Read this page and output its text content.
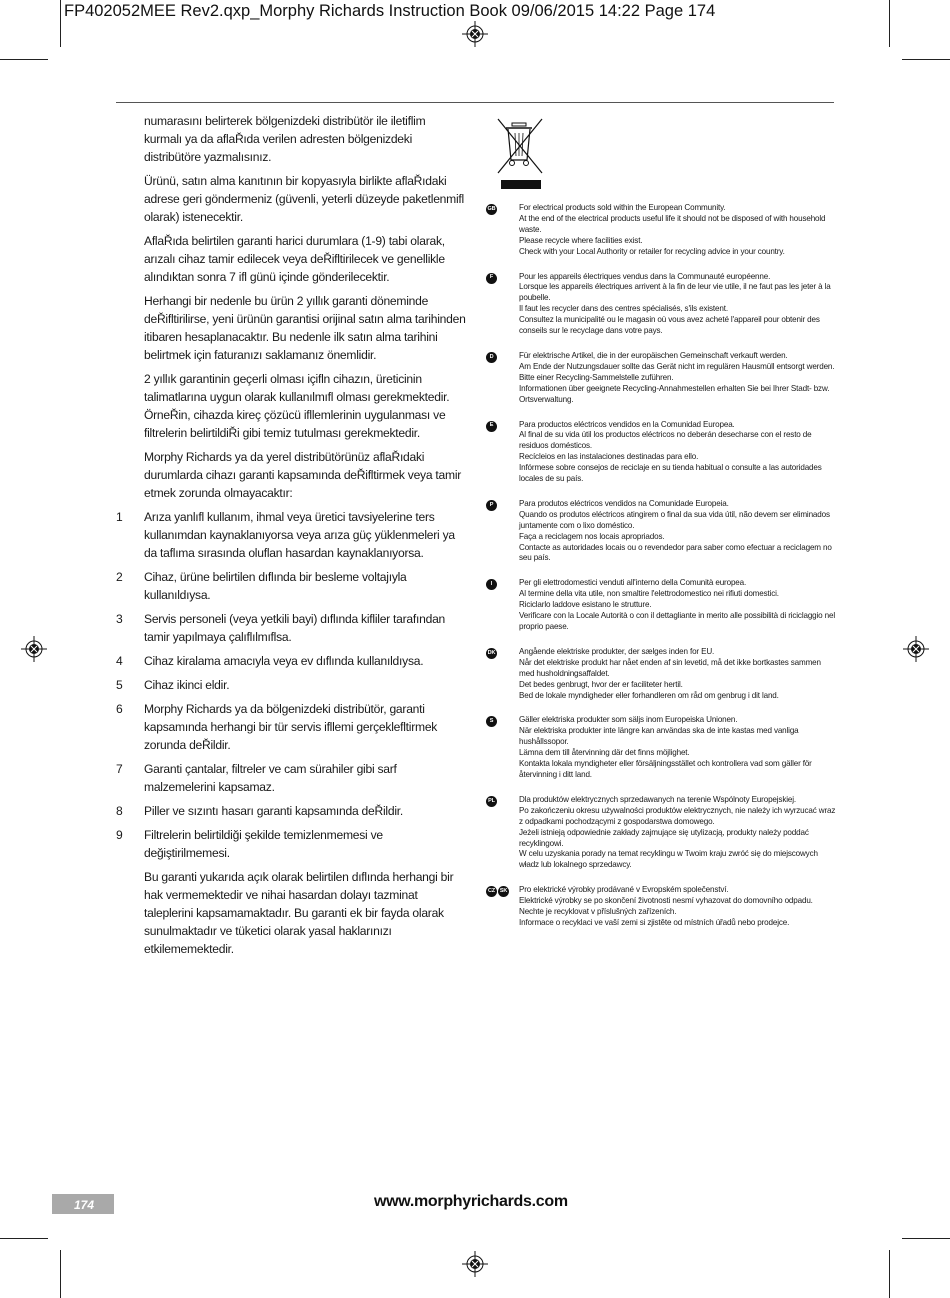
FP402052MEE Rev2.qxp_Morphy Richards Instruction Book 09/06/2015 14:22 Page 174

numarasını belirterek bölgenizdeki distribütör ile iletiflim kurmalı ya da aflaŘıda verilen adresten bölgenizdeki distribütöre yazmalısınız.

Ürünü, satın alma kanıtının bir kopyasıyla birlikte aflaŘıdaki adrese geri göndermeniz (güvenli, yeterli düzeyde paketlenmifl olarak) istenecektir.

AflaŘıda belirtilen garanti harici durumlara (1-9) tabi olarak, arızalı cihaz tamir edilecek veya deŘifltirilecek ve genellikle alındıktan sonra 7 ifl günü içinde gönderilecektir.

Herhangi bir nedenle bu ürün 2 yıllık garanti döneminde deŘifltirilirse, yeni ürünün garantisi orijinal satın alma tarihinden itibaren hesaplanacaktır. Bu nedenle ilk satın alma tarihini belirtmek için faturanızı saklamanız önemlidir.

2 yıllık garantinin geçerli olması içifln cihazın, üreticinin talimatlarına uygun olarak kullanılmıfl olması gerekmektedir. ÖrneŘin, cihazda kireç çözücü ifllemlerinin uygulanması ve filtrelerin belirtildiŘi gibi temiz tutulması gerekmektedir.

Morphy Richards ya da yerel distribütörünüz aflaŘıdaki durumlarda cihazı garanti kapsamında deŘifltirmek veya tamir etmek zorunda olmayacaktır:

1	Arıza yanlıfl kullanım, ihmal veya üretici tavsiyelerine ters kullanımdan kaynaklanıyorsa veya arıza güç yüklenmeleri ya da taflıma sırasında oluflan hasardan kaynaklanıyorsa.
2	Cihaz, ürüne belirtilen dıflında bir besleme voltajıyla kullanıldıysa.
3	Servis personeli (veya yetkili bayi) dıflında kifliler tarafından tamir yapılmaya çalıflılmıflsa.
4	Cihaz kiralama amacıyla veya ev dıflında kullanıldıysa.
5	Cihaz ikinci eldir.
6	Morphy Richards ya da bölgenizdeki distribütör, garanti kapsamında herhangi bir tür servis ifllemi gerçeklefltirmek zorunda deŘildir.
7	Garanti çantalar, filtreler ve cam sürahiler gibi sarf malzemelerini kapsamaz.
8	Piller ve sızıntı hasarı garanti kapsamında deŘildir.
9	Filtrelerin belirtildiği şekilde temizlenmemesi ve değiştirilmemesi.

Bu garanti yukarıda açık olarak belirtilen dıflında herhangi bir hak vermemektedir ve nihai hasardan dolayı tazminat taleplerini kapsamamaktadır. Bu garanti ek bir fayda olarak sunulmaktadır ve tüketici olarak yasal haklarınızı etkilememektedir.

GB	For electrical products sold within the European Community.
At the end of the electrical products useful life it should not be disposed of with household waste.
Please recycle where facilities exist.
Check with your Local Authority or retailer for recycling advice in your country.
F	Pour les appareils électriques vendus dans la Communauté européenne.
Lorsque les appareils électriques arrivent à la fin de leur vie utile, il ne faut pas les jeter à la poubelle.
Il faut les recycler dans des centres spécialisés, s'ils existent.
Consultez la municipalité ou le magasin où vous avez acheté l'appareil pour obtenir des conseils sur le recyclage dans votre pays.
D	Für elektrische Artikel, die in der europäischen Gemeinschaft verkauft werden.
Am Ende der Nutzungsdauer sollte das Gerät nicht im regulären Hausmüll entsorgt werden.
Bitte einer Recycling-Sammelstelle zuführen.
Informationen über geeignete Recycling-Annahmestellen erhalten Sie bei Ihrer Stadt- bzw. Ortsverwaltung.
E	Para productos eléctricos vendidos en la Comunidad Europea.
Al final de su vida útil los productos eléctricos no deberán desecharse con el resto de residuos domésticos.
Recícleios en las instalaciones destinadas para ello.
Infórmese sobre consejos de reciclaje en su tienda habitual o consulte a las autoridades locales de su país.
P	Para produtos eléctricos vendidos na Comunidade Europeia.
Quando os produtos eléctricos atingirem o final da sua vida útil, não devem ser eliminados juntamente com o lixo doméstico.
Faça a reciclagem nos locais apropriados.
Contacte as autoridades locais ou o revendedor para saber como efectuar a reciclagem no seu país.
I	Per gli elettrodomestici venduti all'interno della Comunità europea.
Al termine della vita utile, non smaltire l'elettrodomestico nei rifiuti domestici.
Riciclarlo laddove esistano le strutture.
Verificare con la Locale Autorità o con il dettagliante in merito alle possibilità di riciclaggio nel proprio paese.
DK	Angående elektriske produkter, der sælges inden for EU.
Når det elektriske produkt har nået enden af sin levetid, må det ikke bortkastes sammen med husholdningsaffaldet.
Det bedes genbrugt, hvor der er faciliteter hertil.
Bed de lokale myndigheder eller forhandleren om råd om genbrug i dit land.
S	Gäller elektriska produkter som säljs inom Europeiska Unionen.
När elektriska produkter inte längre kan användas ska de inte kastas med vanliga hushållssopor.
Lämna dem till återvinning där det finns möjlighet.
Kontakta lokala myndigheter eller försäljningsstället och kontrollera vad som gäller för återvinning i ditt land.
PL	Dla produktów elektrycznych sprzedawanych na terenie Wspólnoty Europejskiej.
Po zakończeniu okresu używalności produktów elektrycznych, nie należy ich wyrzucać wraz z odpadkami pochodzącymi z gospodarstwa domowego.
Jeżeli istnieją odpowiednie zakłady zajmujące się utylizacją, produkty należy poddać recyklingowi.
W celu uzyskania porady na temat recyklingu w Twoim kraju zwróć się do miejscowych władz lub lokalnego sprzedawcy.
CZ SK Pro elektrické výrobky prodávané v Evropském společenství.
Elektrické výrobky se po skončení životnosti nesmí vyhazovat do domovního odpadu.
Nechte je recyklovat v příslušných zařízeních.
Informace o recyklaci ve vaší zemi si zjistěte od místních úřadů nebo prodejce.
174	www.morphyrichards.com
